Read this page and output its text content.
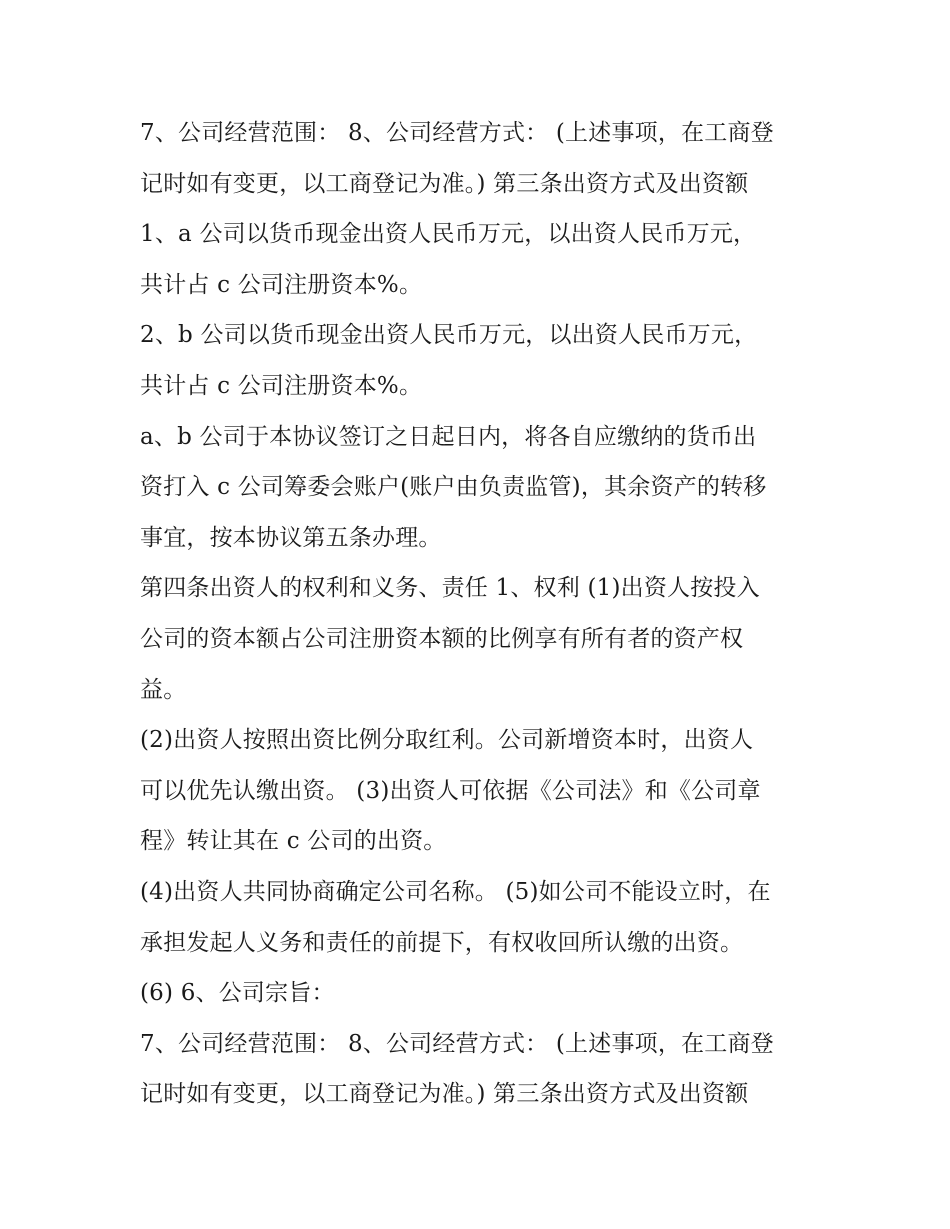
7、公司经营范围： 8、公司经营方式： (上述事项，在工商登
记时如有变更，以工商登记为准。) 第三条出资方式及出资额
1、a 公司以货币现金出资人民币万元，以出资人民币万元，
共计占 c 公司注册资本%。
2、b 公司以货币现金出资人民币万元，以出资人民币万元，
共计占 c 公司注册资本%。
a、b 公司于本协议签订之日起日内，将各自应缴纳的货币出
资打入 c 公司筹委会账户(账户由负责监管)，其余资产的转移
事宜，按本协议第五条办理。
第四条出资人的权利和义务、责任 1、权利 (1)出资人按投入
公司的资本额占公司注册资本额的比例享有所有者的资产权
益。
(2)出资人按照出资比例分取红利。公司新增资本时，出资人
可以优先认缴出资。 (3)出资人可依据《公司法》和《公司章
程》转让其在 c 公司的出资。
(4)出资人共同协商确定公司名称。 (5)如公司不能设立时，在
承担发起人义务和责任的前提下，有权收回所认缴的出资。
(6) 6、公司宗旨：
7、公司经营范围： 8、公司经营方式： (上述事项，在工商登
记时如有变更，以工商登记为准。) 第三条出资方式及出资额
